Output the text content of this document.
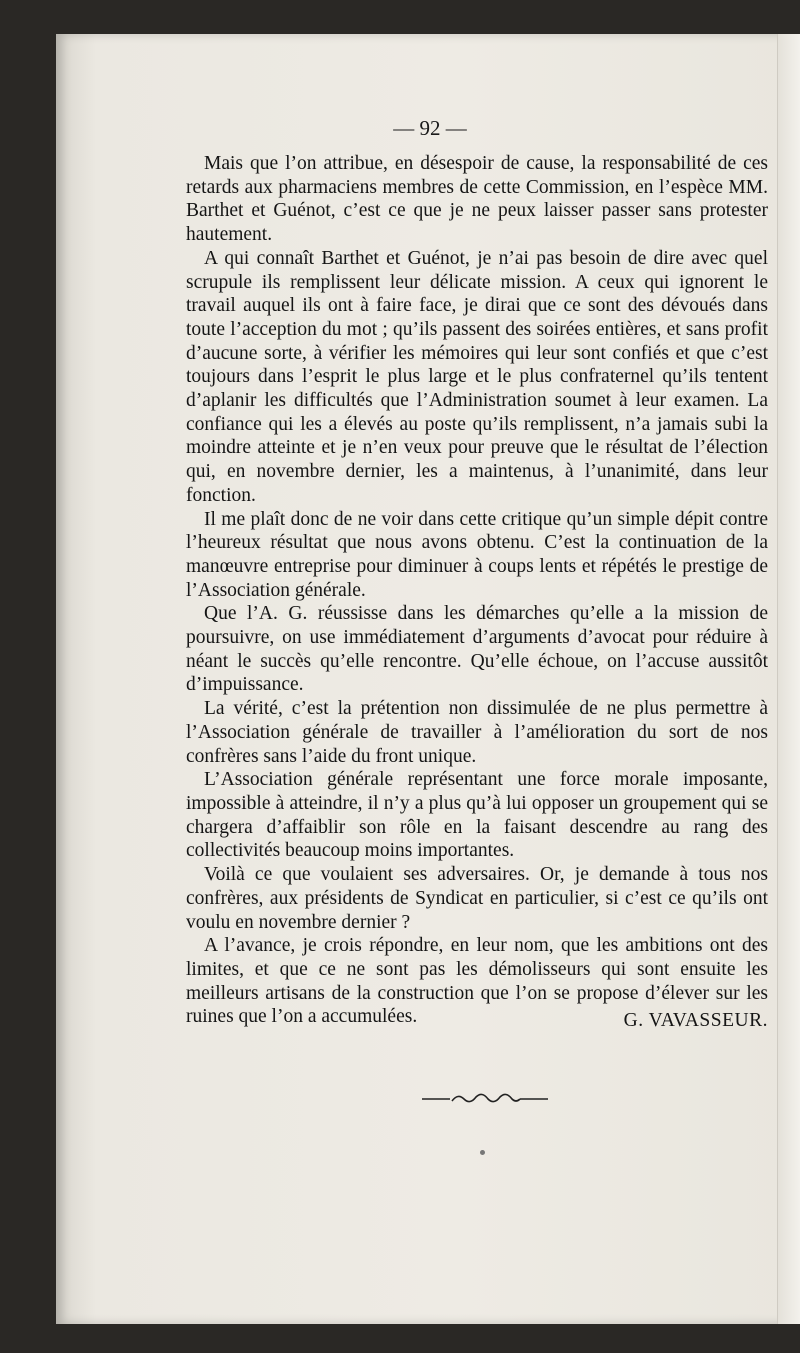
— 92 —

Mais que l’on attribue, en désespoir de cause, la responsabilité de ces retards aux pharmaciens membres de cette Commission, en l’espèce MM. Barthet et Guénot, c’est ce que je ne peux laisser passer sans protester hautement.

A qui connaît Barthet et Guénot, je n’ai pas besoin de dire avec quel scrupule ils remplissent leur délicate mission. A ceux qui ignorent le travail auquel ils ont à faire face, je dirai que ce sont des dévoués dans toute l’acception du mot ; qu’ils passent des soirées entières, et sans profit d’aucune sorte, à vérifier les mémoires qui leur sont confiés et que c’est toujours dans l’esprit le plus large et le plus confraternel qu’ils tentent d’aplanir les difficultés que l’Administration soumet à leur examen. La confiance qui les a élevés au poste qu’ils remplissent, n’a jamais subi la moindre atteinte et je n’en veux pour preuve que le résultat de l’élection qui, en novembre dernier, les a maintenus, à l’unanimité, dans leur fonction.

Il me plaît donc de ne voir dans cette critique qu’un simple dépit contre l’heureux résultat que nous avons obtenu. C’est la continuation de la manœuvre entreprise pour diminuer à coups lents et répétés le prestige de l’Association générale.

Que l’A. G. réussisse dans les démarches qu’elle a la mission de poursuivre, on use immédiatement d’arguments d’avocat pour réduire à néant le succès qu’elle rencontre. Qu’elle échoue, on l’accuse aussitôt d’impuissance.

La vérité, c’est la prétention non dissimulée de ne plus permettre à l’Association générale de travailler à l’amélioration du sort de nos confrères sans l’aide du front unique.

L’Association générale représentant une force morale imposante, impossible à atteindre, il n’y a plus qu’à lui opposer un groupement qui se chargera d’affaiblir son rôle en la faisant descendre au rang des collectivités beaucoup moins importantes.

Voilà ce que voulaient ses adversaires. Or, je demande à tous nos confrères, aux présidents de Syndicat en particulier, si c’est ce qu’ils ont voulu en novembre dernier ?

A l’avance, je crois répondre, en leur nom, que les ambitions ont des limites, et que ce ne sont pas les démolisseurs qui sont ensuite les meilleurs artisans de la construction que l’on se propose d’élever sur les ruines que l’on a accumulées.	G. VAVASSEUR.
